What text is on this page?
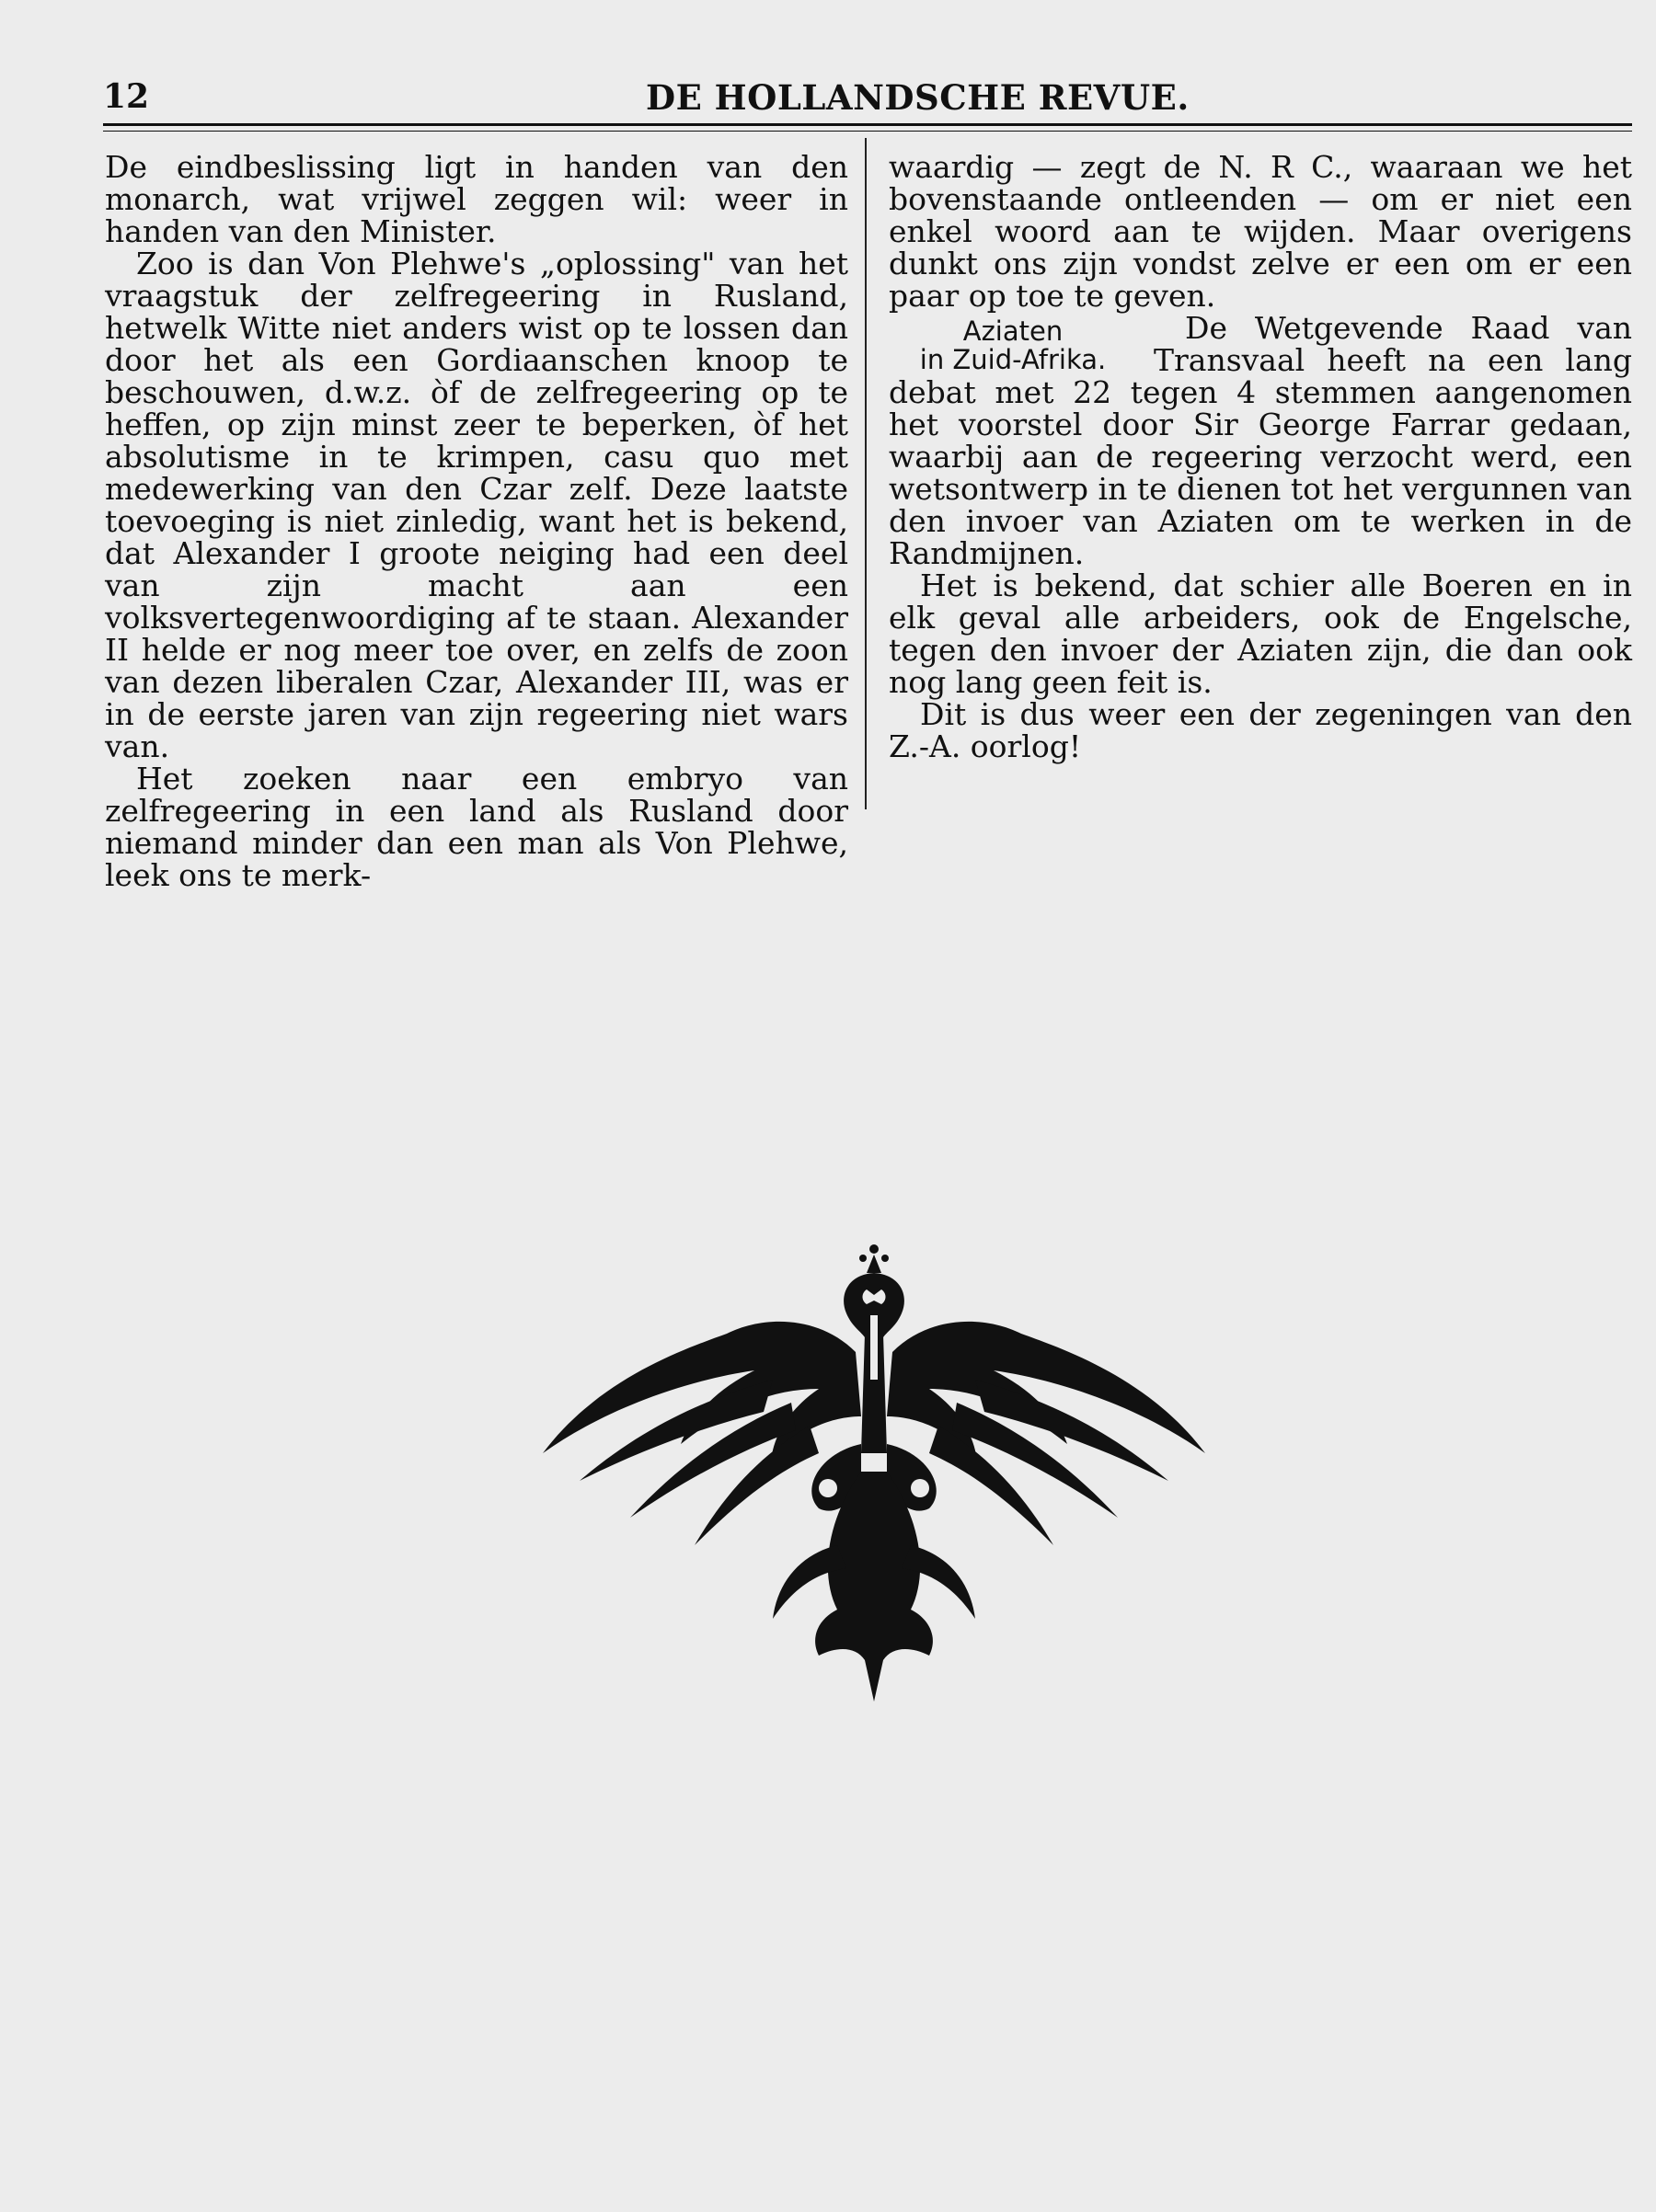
12	DE HOLLANDSCHE REVUE.

De eindbeslissing ligt in handen van den monarch, wat vrijwel zeggen wil: weer in handen van den Minister.

Zoo is dan Von Plehwe's „oplossing" van het vraagstuk der zelfregeering in Rusland, hetwelk Witte niet anders wist op te lossen dan door het als een Gordiaanschen knoop te beschouwen, d.w.z. òf de zelfregeering op te heffen, op zijn minst zeer te beperken, òf het absolutisme in te krimpen, casu quo met medewerking van den Czar zelf. Deze laatste toevoeging is niet zinledig, want het is bekend, dat Alexander I groote neiging had een deel van zijn macht aan een volksvertegenwoordiging af te staan. Alexander II helde er nog meer toe over, en zelfs de zoon van dezen liberalen Czar, Alexander III, was er in de eerste jaren van zijn regeering niet wars van.

Het zoeken naar een embryo van zelfregeering in een land als Rusland door niemand minder dan een man als Von Plehwe, leek ons te merk-

waardig — zegt de N. R C., waaraan we het bovenstaande ontleenden — om er niet een enkel woord aan te wijden. Maar overigens dunkt ons zijn vondst zelve er een om er een paar op toe te geven.

Aziaten
in Zuid-Afrika.

De Wetgevende Raad van Transvaal heeft na een lang debat met 22 tegen 4 stemmen aangenomen het voorstel door Sir George Farrar gedaan, waarbij aan de regeering verzocht werd, een wetsontwerp in te dienen tot het vergunnen van den invoer van Aziaten om te werken in de Randmijnen.

Het is bekend, dat schier alle Boeren en in elk geval alle arbeiders, ook de Engelsche, tegen den invoer der Aziaten zijn, die dan ook nog lang geen feit is.

Dit is dus weer een der zegeningen van den Z.-A. oorlog!
